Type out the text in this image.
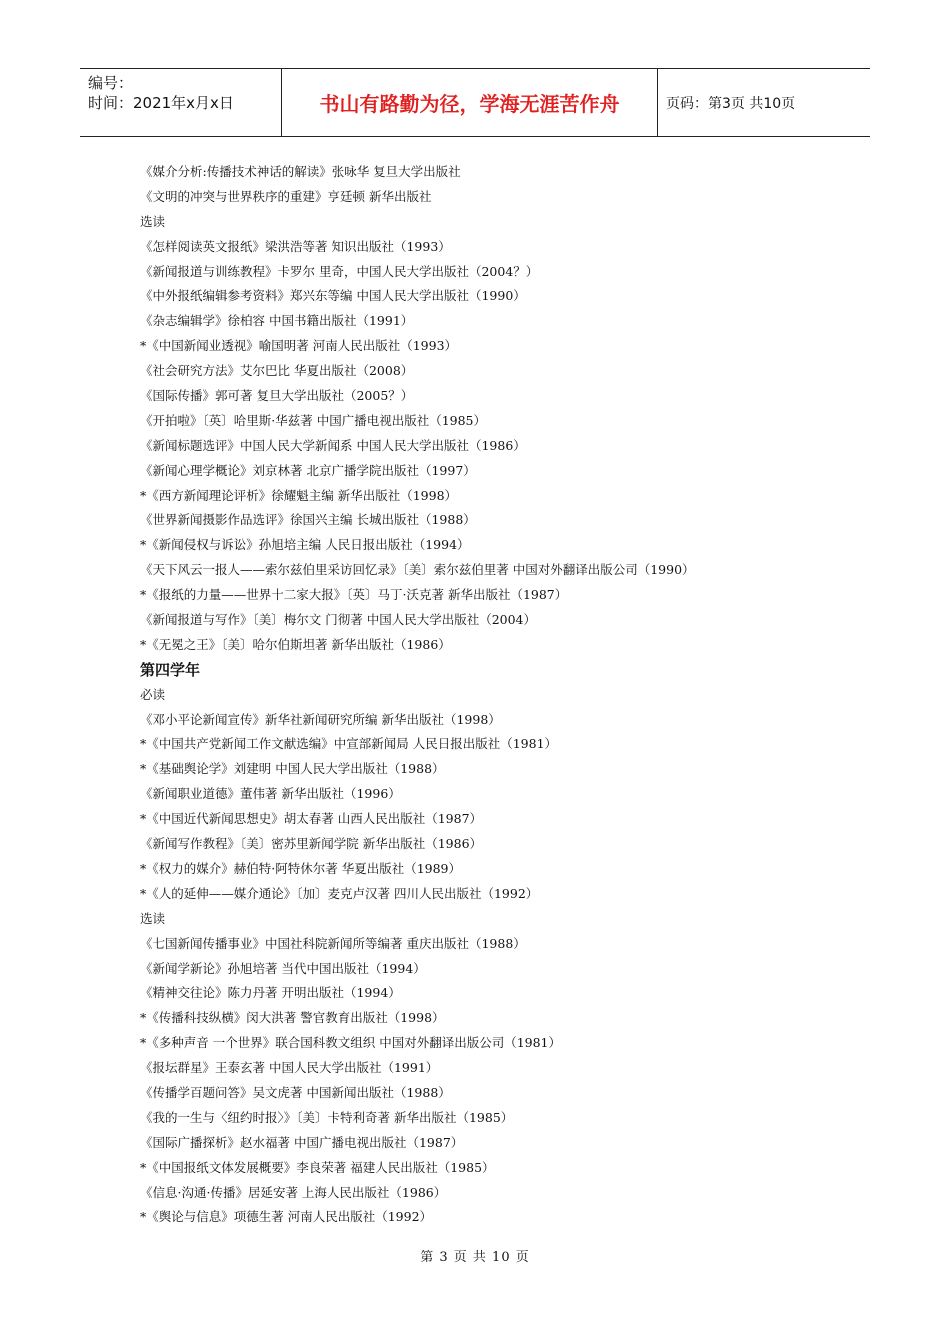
编号：
时间：2021年x月x日	书山有路勤为径，学海无涯苦作舟	页码：第3页 共10页
《媒介分析:传播技术神话的解读》张咏华 复旦大学出版社
《文明的冲突与世界秩序的重建》亨廷顿 新华出版社
选读
《怎样阅读英文报纸》梁洪浩等著 知识出版社（1993）
《新闻报道与训练教程》卡罗尔 里奇，中国人民大学出版社（2004？）
《中外报纸编辑参考资料》郑兴东等编 中国人民大学出版社（1990）
《杂志编辑学》徐柏容 中国书籍出版社（1991）
*《中国新闻业透视》喻国明著 河南人民出版社（1993）
《社会研究方法》艾尔巴比 华夏出版社（2008）
《国际传播》郭可著 复旦大学出版社（2005？）
《开拍啦》〔英〕哈里斯·华兹著 中国广播电视出版社（1985）
《新闻标题选评》中国人民大学新闻系 中国人民大学出版社（1986）
《新闻心理学概论》刘京林著 北京广播学院出版社（1997）
*《西方新闻理论评析》徐耀魁主编 新华出版社（1998）
《世界新闻摄影作品选评》徐国兴主编 长城出版社（1988）
*《新闻侵权与诉讼》孙旭培主编 人民日报出版社（1994）
《天下风云一报人——索尔兹伯里采访回忆录》〔美〕索尔兹伯里著 中国对外翻译出版公司（1990）
*《报纸的力量——世界十二家大报》〔英〕马丁·沃克著 新华出版社（1987）
《新闻报道与写作》〔美〕梅尔文 门彻著 中国人民大学出版社（2004）
*《无冕之王》〔美〕哈尔伯斯坦著 新华出版社（1986）
第四学年
必读
《邓小平论新闻宣传》新华社新闻研究所编 新华出版社（1998）
*《中国共产党新闻工作文献选编》中宣部新闻局 人民日报出版社（1981）
*《基础舆论学》刘建明 中国人民大学出版社（1988）
《新闻职业道德》董伟著 新华出版社（1996）
*《中国近代新闻思想史》胡太春著 山西人民出版社（1987）
《新闻写作教程》〔美〕密苏里新闻学院 新华出版社（1986）
*《权力的媒介》赫伯特·阿特休尔著 华夏出版社（1989）
*《人的延伸——媒介通论》〔加〕麦克卢汉著 四川人民出版社（1992）
选读
《七国新闻传播事业》中国社科院新闻所等编著 重庆出版社（1988）
《新闻学新论》孙旭培著 当代中国出版社（1994）
《精神交往论》陈力丹著 开明出版社（1994）
*《传播科技纵横》闵大洪著 警官教育出版社（1998）
*《多种声音 一个世界》联合国科教文组织 中国对外翻译出版公司（1981）
《报坛群星》王泰玄著 中国人民大学出版社（1991）
《传播学百题问答》吴文虎著 中国新闻出版社（1988）
《我的一生与〈纽约时报〉》〔美〕卡特利奇著 新华出版社（1985）
《国际广播探析》赵水福著 中国广播电视出版社（1987）
*《中国报纸文体发展概要》李良荣著 福建人民出版社（1985）
《信息·沟通·传播》居延安著 上海人民出版社（1986）
*《舆论与信息》项德生著 河南人民出版社（1992）
第 3 页 共 10 页
